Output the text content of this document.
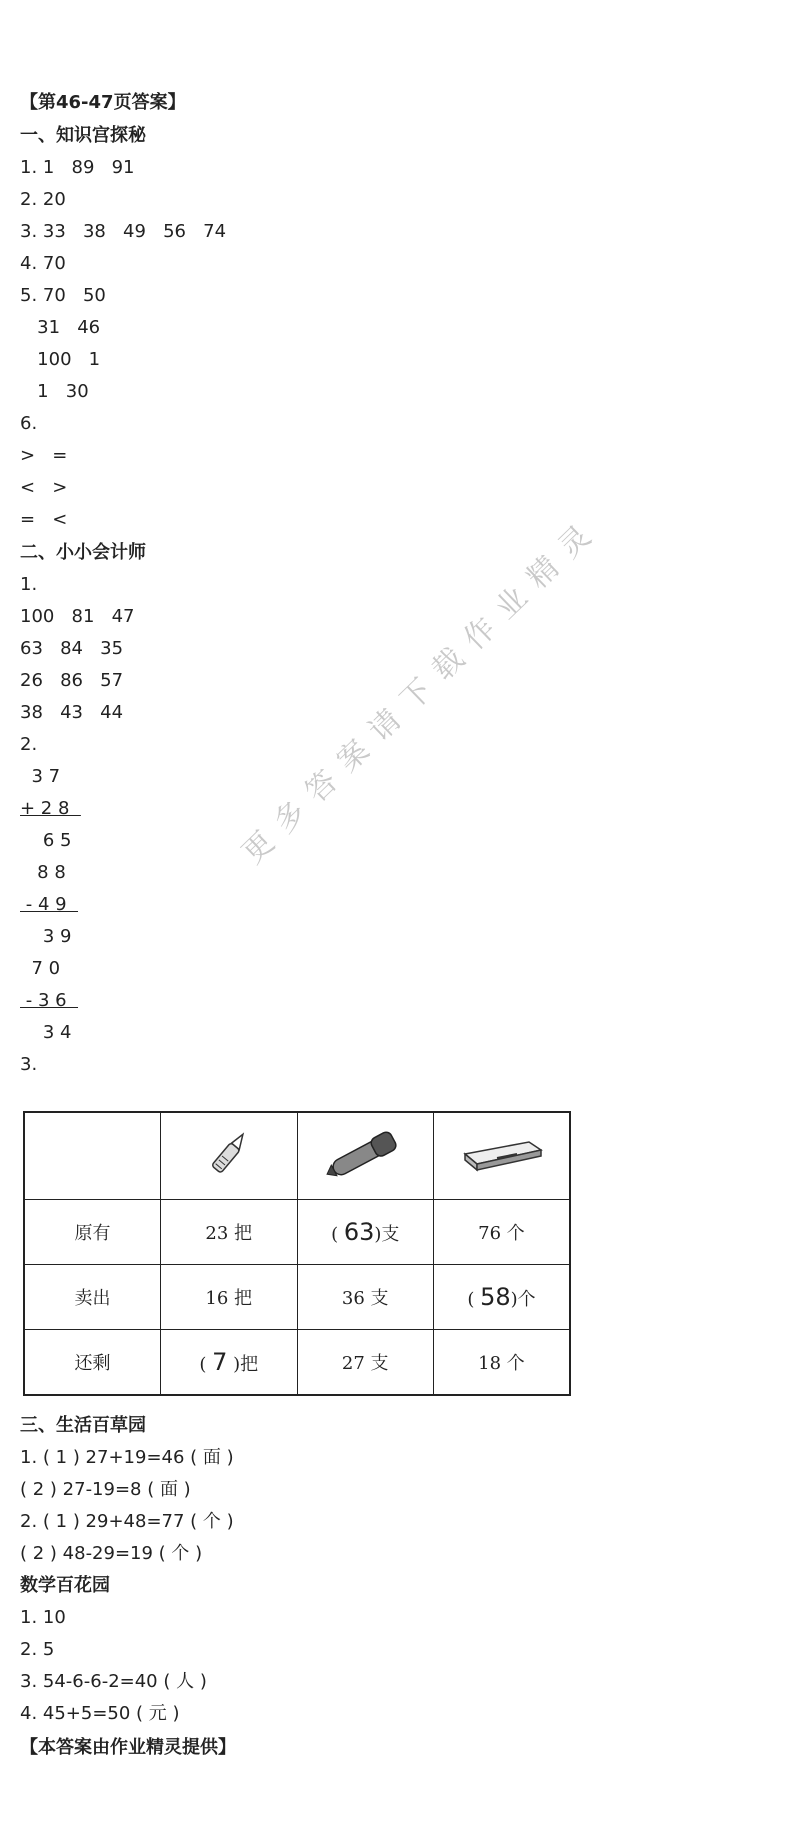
更多答案请下载作业精灵
【第46-47页答案】
一、知识宫探秘
1. 1   89   91
2. 20
3. 33   38   49   56   74
4. 70
5. 70   50
31   46
100   1
1   30
6.
>   =
<   >
=   <
二、小小会计师
1.
100   81   47
63   84   35
26   86   57
38   43   44
2.
3 7
+ 2 8
6 5
8 8
- 4 9
3 9
7 0
- 3 6
3 4
3.

原有	23 把	( 63)支	76 个
卖出	16 把	36 支	( 58)个
还剩	( 7 )把	27 支	18 个
三、生活百草园
1. ( 1 ) 27+19=46 ( 面 )
( 2 ) 27-19=8 ( 面 )
2. ( 1 ) 29+48=77 ( 个 )
( 2 ) 48-29=19 ( 个 )
数学百花园
1. 10
2. 5
3. 54-6-6-2=40 ( 人 )
4. 45+5=50 ( 元 )
【本答案由作业精灵提供】
